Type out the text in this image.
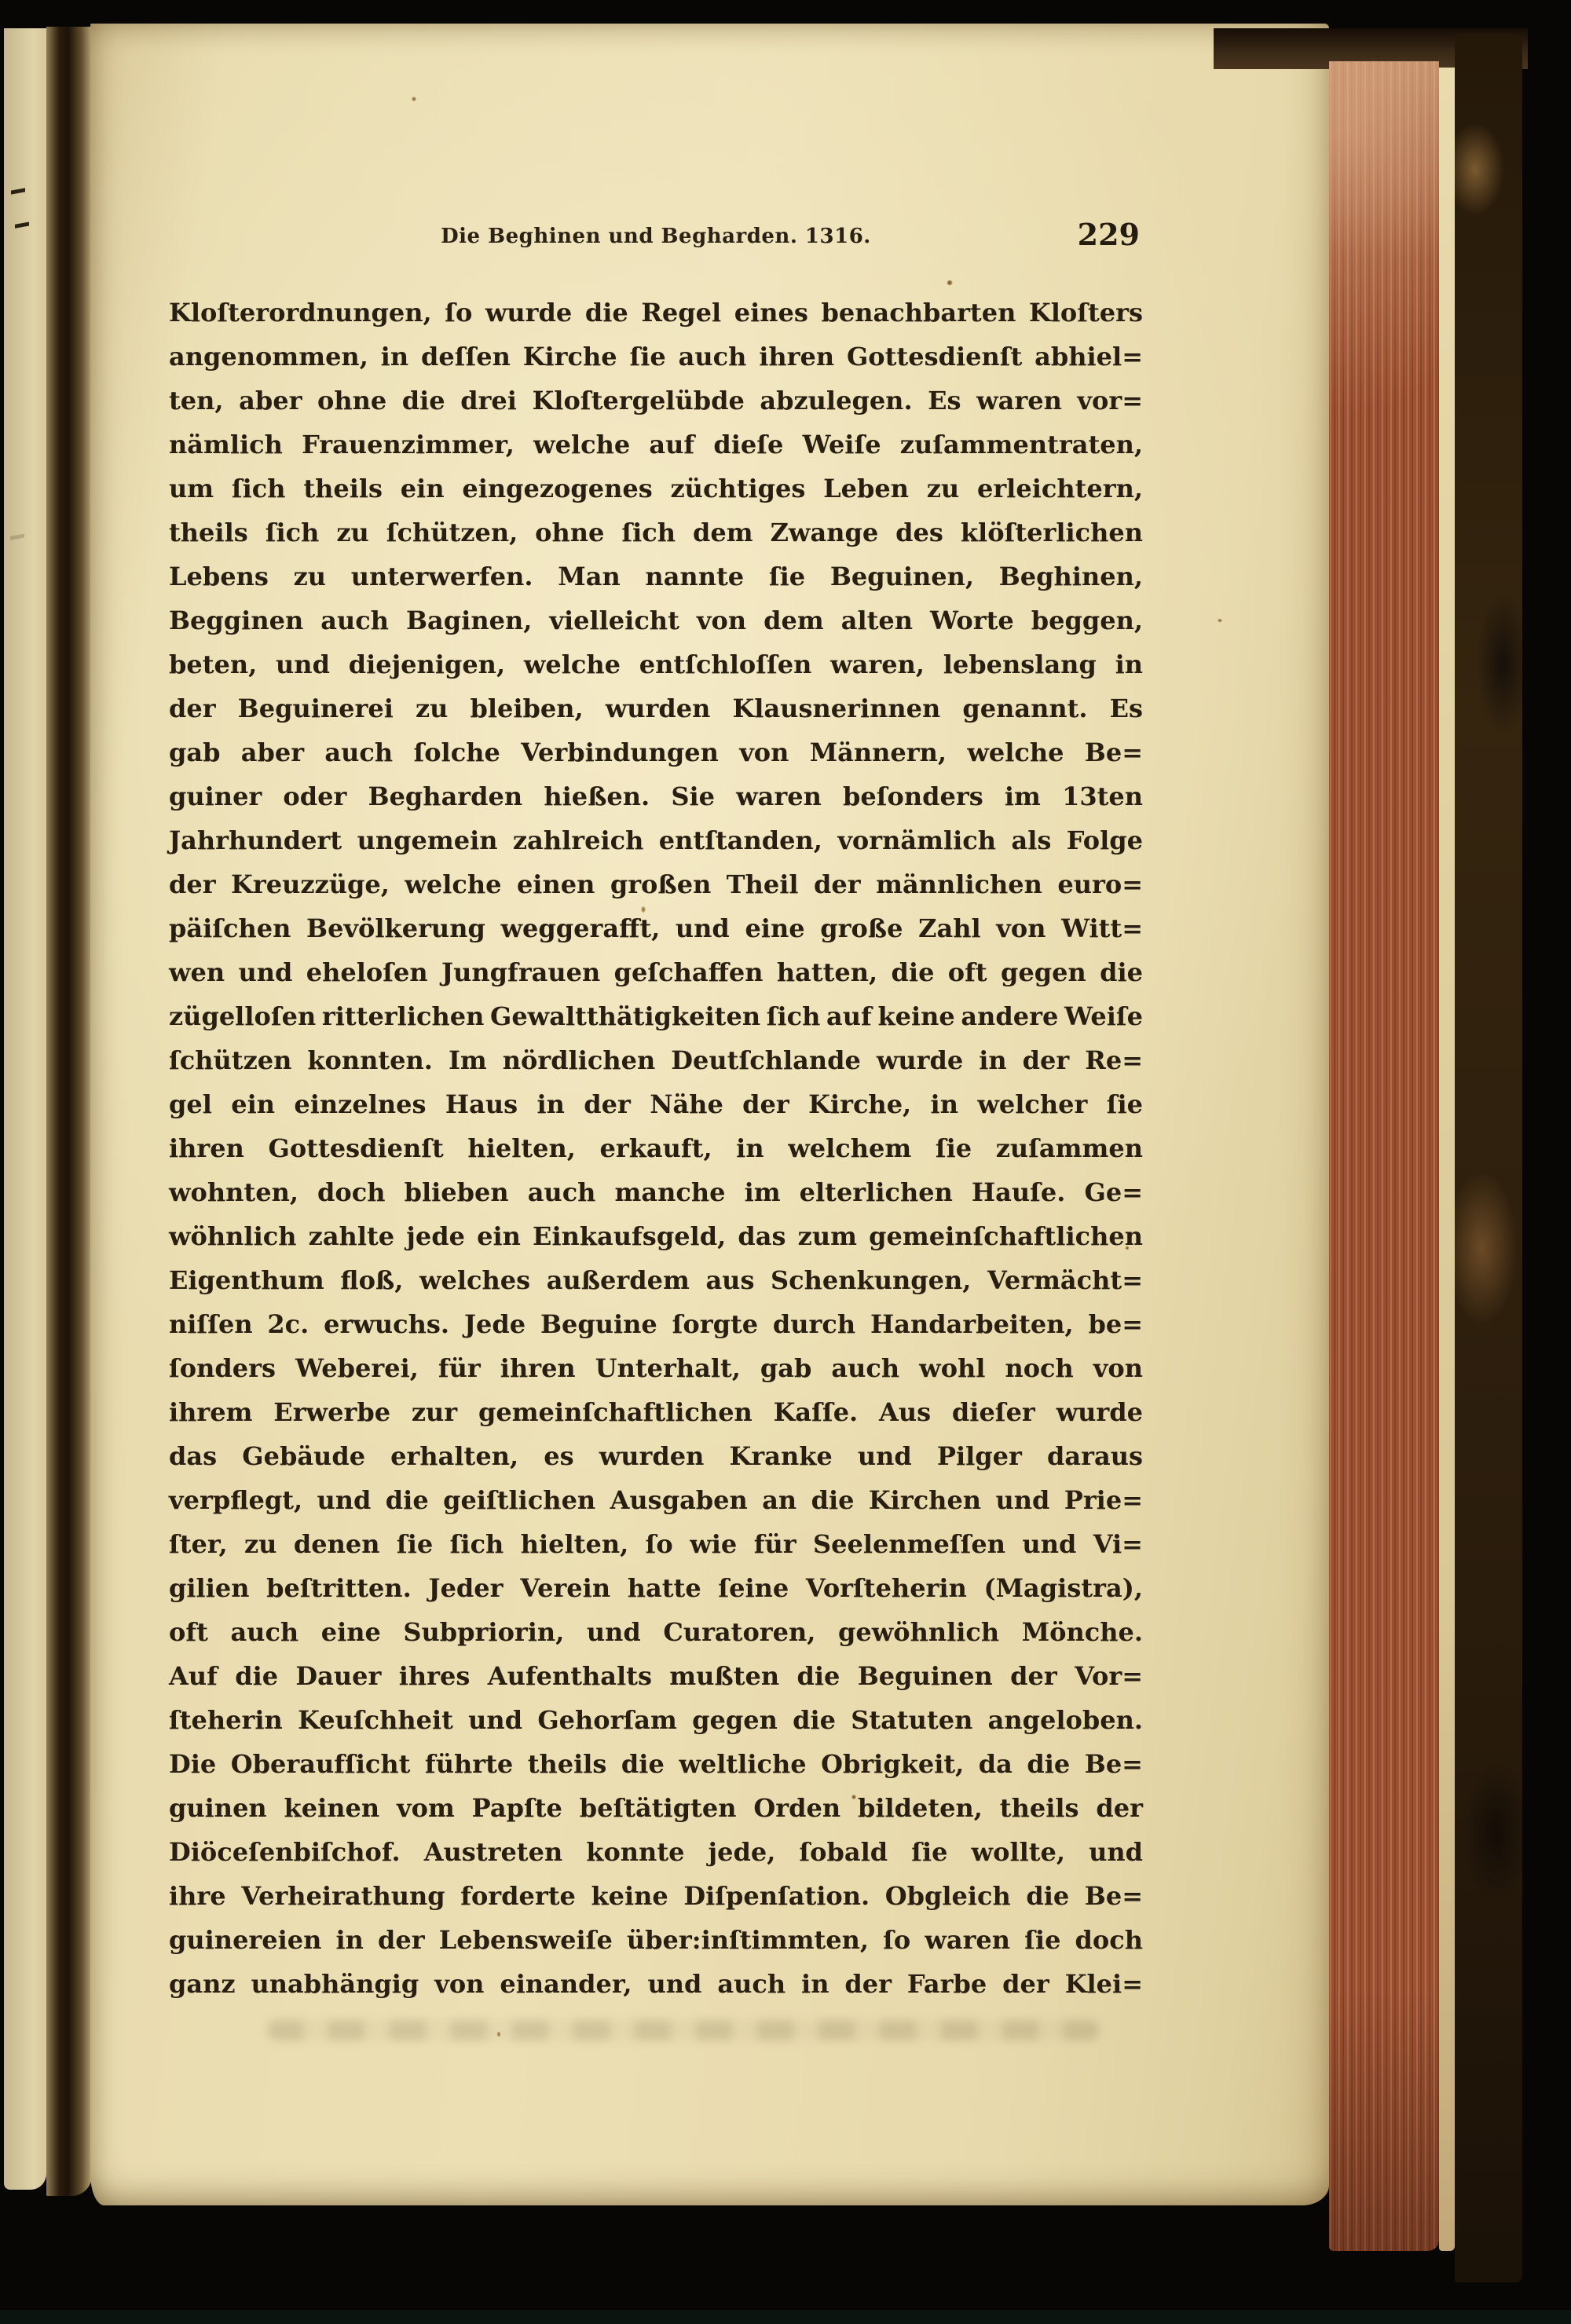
Die Beghinen und Begharden. 1316.	229
Kloſterordnungen, ſo wurde die Regel eines benachbarten Kloſters
angenommen, in deſſen Kirche ſie auch ihren Gottesdienſt abhiel=
ten, aber ohne die drei Kloſtergelübde abzulegen. Es waren vor=
nämlich Frauenzimmer, welche auf dieſe Weiſe zuſammentraten,
um ſich theils ein eingezogenes züchtiges Leben zu erleichtern,
theils ſich zu ſchützen, ohne ſich dem Zwange des klöſterlichen
Lebens zu unterwerfen. Man nannte ſie Beguinen, Beghinen,
Begginen auch Baginen, vielleicht von dem alten Worte beggen,
beten, und diejenigen, welche entſchloſſen waren, lebenslang in
der Beguinerei zu bleiben, wurden Klausnerinnen genannt. Es
gab aber auch ſolche Verbindungen von Männern, welche Be=
guiner oder Begharden hießen. Sie waren beſonders im 13ten
Jahrhundert ungemein zahlreich entſtanden, vornämlich als Folge
der Kreuzzüge, welche einen großen Theil der männlichen euro=
päiſchen Bevölkerung weggerafft, und eine große Zahl von Witt=
wen und eheloſen Jungfrauen geſchaffen hatten, die oft gegen die
zügelloſen ritterlichen Gewaltthätigkeiten ſich auf keine andere Weiſe
ſchützen konnten. Im nördlichen Deutſchlande wurde in der Re=
gel ein einzelnes Haus in der Nähe der Kirche, in welcher ſie
ihren Gottesdienſt hielten, erkauft, in welchem ſie zuſammen
wohnten, doch blieben auch manche im elterlichen Hauſe. Ge=
wöhnlich zahlte jede ein Einkaufsgeld, das zum gemeinſchaftlichen
Eigenthum floß, welches außerdem aus Schenkungen, Vermächt=
niſſen 2c. erwuchs. Jede Beguine ſorgte durch Handarbeiten, be=
ſonders Weberei, für ihren Unterhalt, gab auch wohl noch von
ihrem Erwerbe zur gemeinſchaftlichen Kaſſe. Aus dieſer wurde
das Gebäude erhalten, es wurden Kranke und Pilger daraus
verpflegt, und die geiſtlichen Ausgaben an die Kirchen und Prie=
ſter, zu denen ſie ſich hielten, ſo wie für Seelenmeſſen und Vi=
gilien beſtritten. Jeder Verein hatte ſeine Vorſteherin (Magistra),
oft auch eine Subpriorin, und Curatoren, gewöhnlich Mönche.
Auf die Dauer ihres Aufenthalts mußten die Beguinen der Vor=
ſteherin Keuſchheit und Gehorſam gegen die Statuten angeloben.
Die Oberaufſicht führte theils die weltliche Obrigkeit, da die Be=
guinen keinen vom Papſte beſtätigten Orden bildeten, theils der
Diöceſenbiſchof. Austreten konnte jede, ſobald ſie wollte, und
ihre Verheirathung forderte keine Diſpenſation. Obgleich die Be=
guinereien in der Lebensweiſe über:inſtimmten, ſo waren ſie doch
ganz unabhängig von einander, und auch in der Farbe der Klei=
